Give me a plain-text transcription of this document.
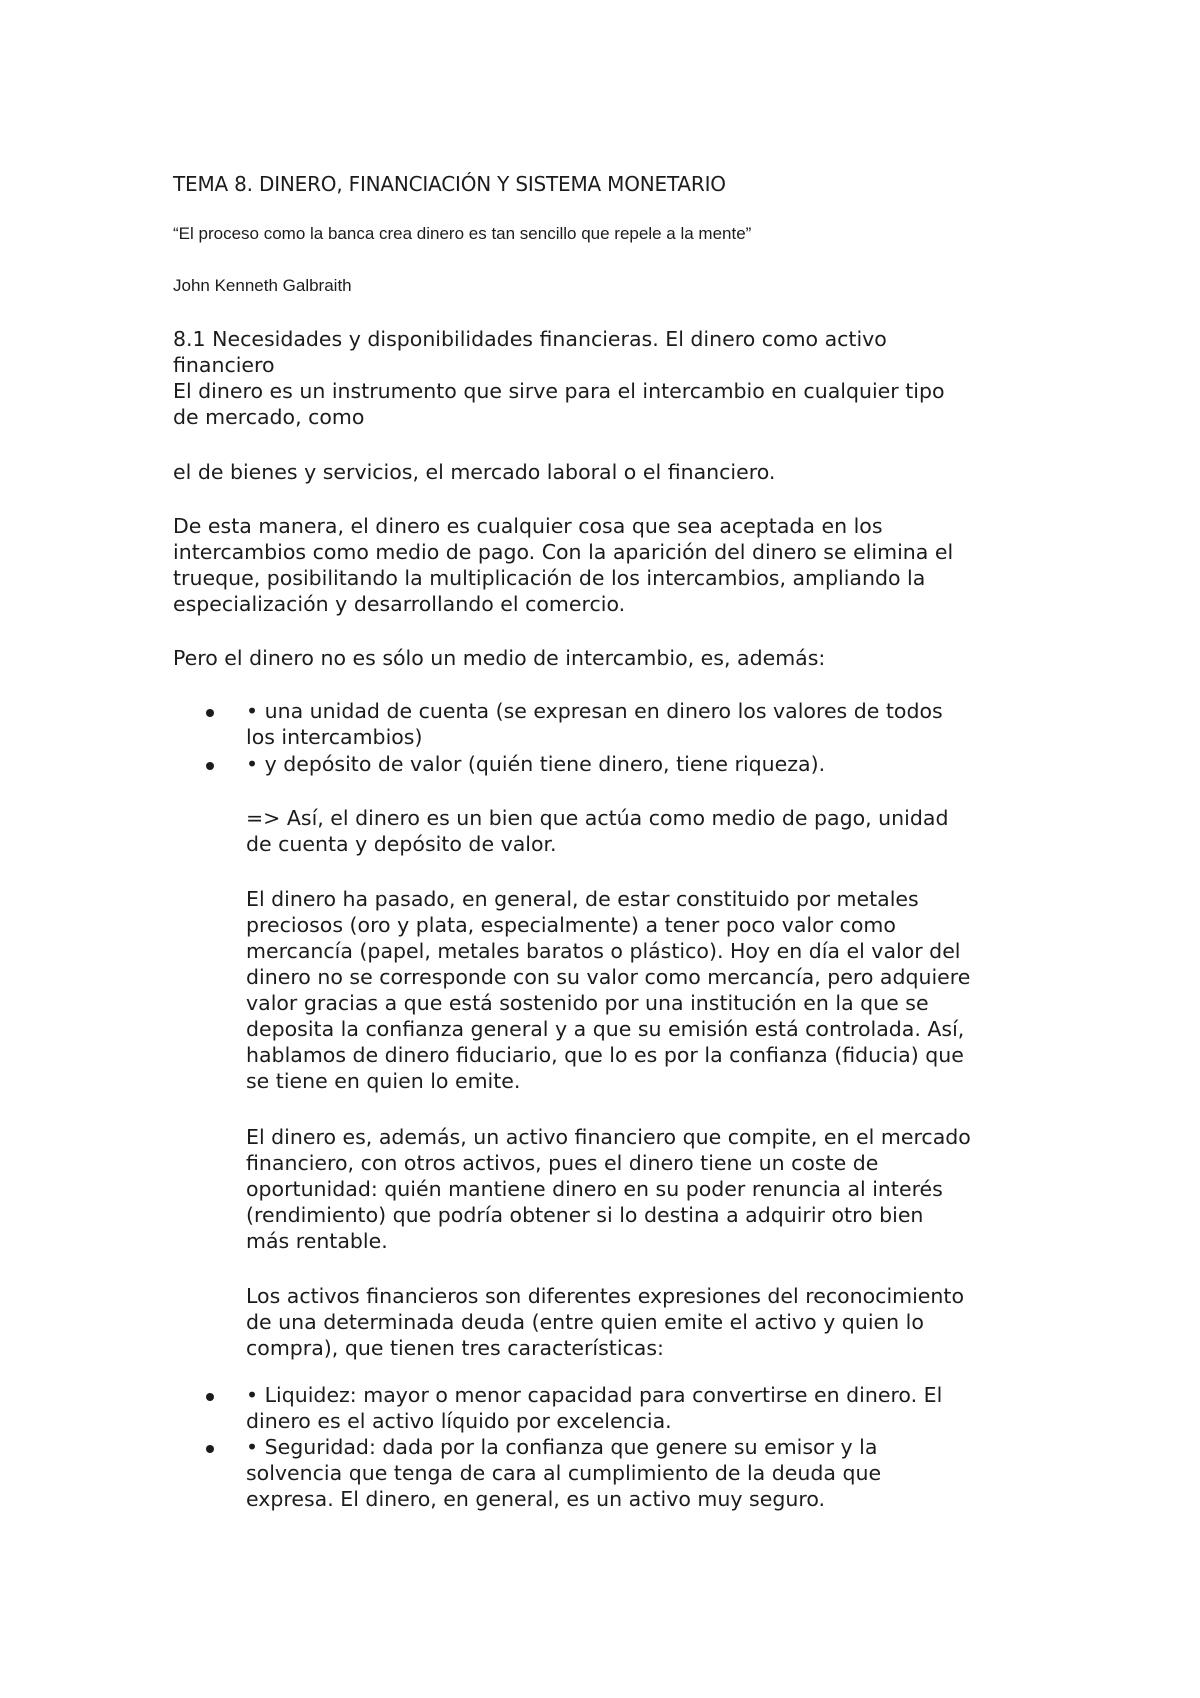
TEMA 8. DINERO, FINANCIACIÓN Y SISTEMA MONETARIO
“El proceso como la banca crea dinero es tan sencillo que repele a la mente”
John Kenneth Galbraith
8.1 Necesidades y disponibilidades financieras. El dinero como activo
financiero
El dinero es un instrumento que sirve para el intercambio en cualquier tipo
de mercado, como
el de bienes y servicios, el mercado laboral o el financiero.
De esta manera, el dinero es cualquier cosa que sea aceptada en los
intercambios como medio de pago. Con la aparición del dinero se elimina el
trueque, posibilitando la multiplicación de los intercambios, ampliando la
especialización y desarrollando el comercio.
Pero el dinero no es sólo un medio de intercambio, es, además:
• una unidad de cuenta (se expresan en dinero los valores de todos
los intercambios)
• y depósito de valor (quién tiene dinero, tiene riqueza).
=> Así, el dinero es un bien que actúa como medio de pago, unidad
de cuenta y depósito de valor.
El dinero ha pasado, en general, de estar constituido por metales
preciosos (oro y plata, especialmente) a tener poco valor como
mercancía (papel, metales baratos o plástico). Hoy en día el valor del
dinero no se corresponde con su valor como mercancía, pero adquiere
valor gracias a que está sostenido por una institución en la que se
deposita la confianza general y a que su emisión está controlada. Así,
hablamos de dinero fiduciario, que lo es por la confianza (fiducia) que
se tiene en quien lo emite.
El dinero es, además, un activo financiero que compite, en el mercado
financiero, con otros activos, pues el dinero tiene un coste de
oportunidad: quién mantiene dinero en su poder renuncia al interés
(rendimiento) que podría obtener si lo destina a adquirir otro bien
más rentable.
Los activos financieros son diferentes expresiones del reconocimiento
de una determinada deuda (entre quien emite el activo y quien lo
compra), que tienen tres características:
• Liquidez: mayor o menor capacidad para convertirse en dinero. El
dinero es el activo líquido por excelencia.
• Seguridad: dada por la confianza que genere su emisor y la
solvencia que tenga de cara al cumplimiento de la deuda que
expresa. El dinero, en general, es un activo muy seguro.
